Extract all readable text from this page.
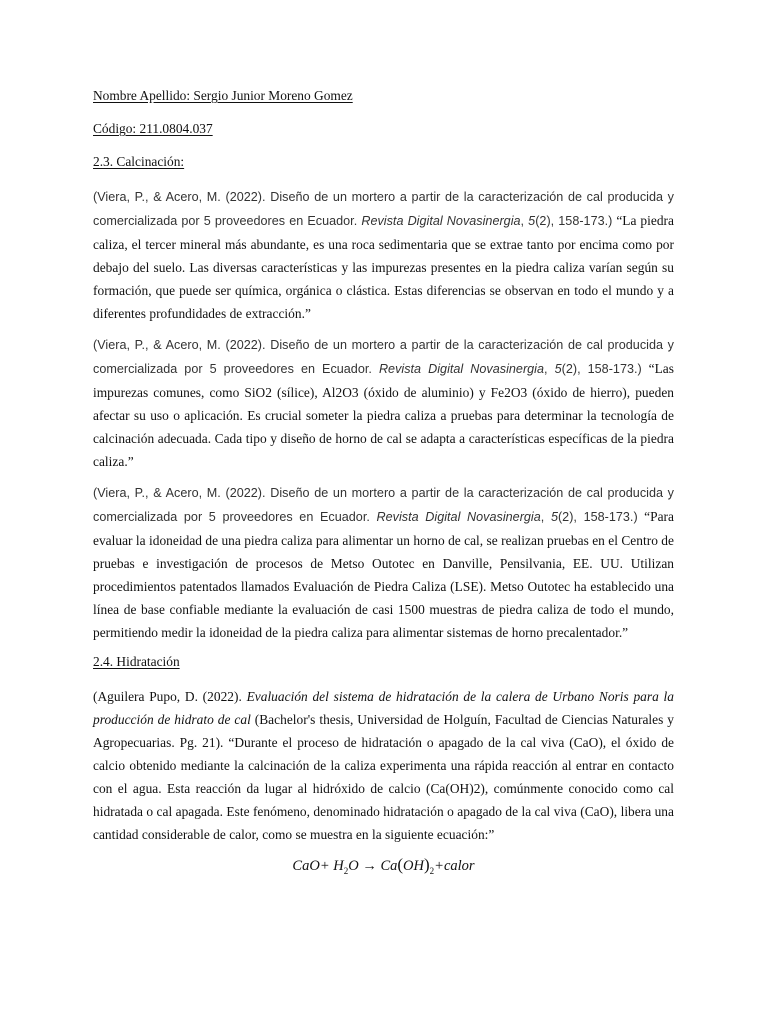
Nombre Apellido: Sergio Junior Moreno Gomez

Código: 211.0804.037

2.3. Calcinación:

(Viera, P., & Acero, M. (2022). Diseño de un mortero a partir de la caracterización de cal producida y comercializada por 5 proveedores en Ecuador. Revista Digital Novasinergia, 5(2), 158-173.) “La piedra caliza, el tercer mineral más abundante, es una roca sedimentaria que se extrae tanto por encima como por debajo del suelo. Las diversas características y las impurezas presentes en la piedra caliza varían según su formación, que puede ser química, orgánica o clástica. Estas diferencias se observan en todo el mundo y a diferentes profundidades de extracción.”

(Viera, P., & Acero, M. (2022). Diseño de un mortero a partir de la caracterización de cal producida y comercializada por 5 proveedores en Ecuador. Revista Digital Novasinergia, 5(2), 158-173.) “Las impurezas comunes, como SiO2 (sílice), Al2O3 (óxido de aluminio) y Fe2O3 (óxido de hierro), pueden afectar su uso o aplicación. Es crucial someter la piedra caliza a pruebas para determinar la tecnología de calcinación adecuada. Cada tipo y diseño de horno de cal se adapta a características específicas de la piedra caliza.”

(Viera, P., & Acero, M. (2022). Diseño de un mortero a partir de la caracterización de cal producida y comercializada por 5 proveedores en Ecuador. Revista Digital Novasinergia, 5(2), 158-173.) “Para evaluar la idoneidad de una piedra caliza para alimentar un horno de cal, se realizan pruebas en el Centro de pruebas e investigación de procesos de Metso Outotec en Danville, Pensilvania, EE. UU. Utilizan procedimientos patentados llamados Evaluación de Piedra Caliza (LSE). Metso Outotec ha establecido una línea de base confiable mediante la evaluación de casi 1500 muestras de piedra caliza de todo el mundo, permitiendo medir la idoneidad de la piedra caliza para alimentar sistemas de horno precalentador.”

2.4. Hidratación

(Aguilera Pupo, D. (2022). Evaluación del sistema de hidratación de la calera de Urbano Noris para la producción de hidrato de cal (Bachelor's thesis, Universidad de Holguín, Facultad de Ciencias Naturales y Agropecuarias. Pg. 21). “Durante el proceso de hidratación o apagado de la cal viva (CaO), el óxido de calcio obtenido mediante la calcinación de la caliza experimenta una rápida reacción al entrar en contacto con el agua. Esta reacción da lugar al hidróxido de calcio (Ca(OH)2), comúnmente conocido como cal hidratada o cal apagada. Este fenómeno, denominado hidratación o apagado de la cal viva (CaO), libera una cantidad considerable de calor, como se muestra en la siguiente ecuación:”

$CaO+ H_2O$ → $Ca(OH)_2+calor$
